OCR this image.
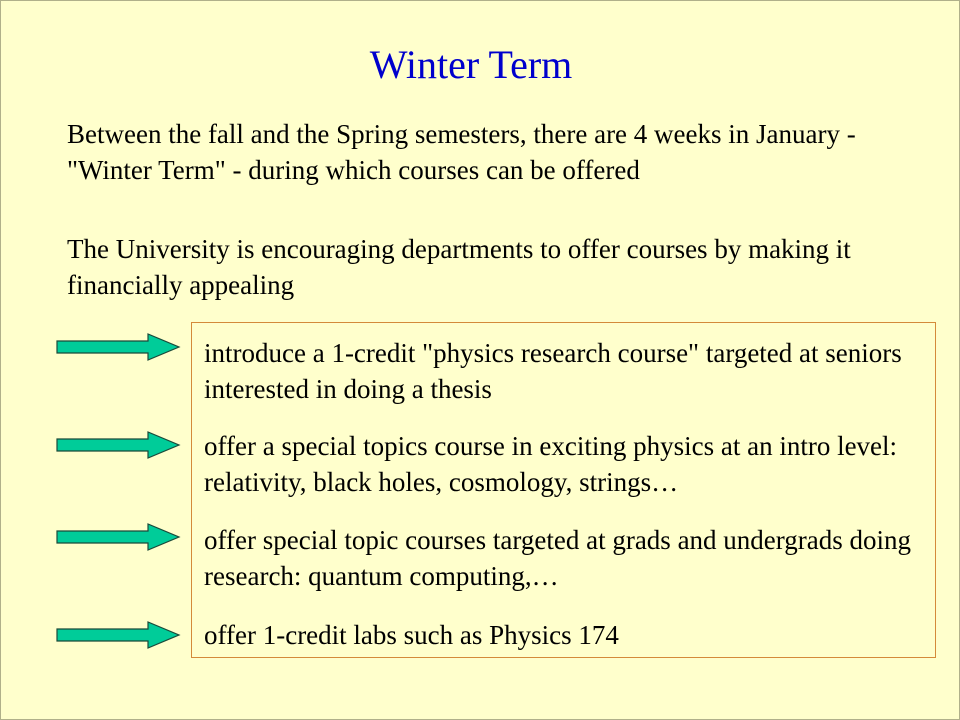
Winter Term

Between the fall and the Spring semesters, there are 4 weeks in January - "Winter Term" - during which courses can be offered

The University is encouraging departments to offer courses by making it financially appealing

introduce a 1-credit "physics research course" targeted at seniors interested in doing a thesis

offer a special topics course in exciting physics at an intro level: relativity, black holes, cosmology, strings…

offer special topic courses targeted at grads and undergrads doing research: quantum computing,…

offer 1-credit labs such as Physics 174
